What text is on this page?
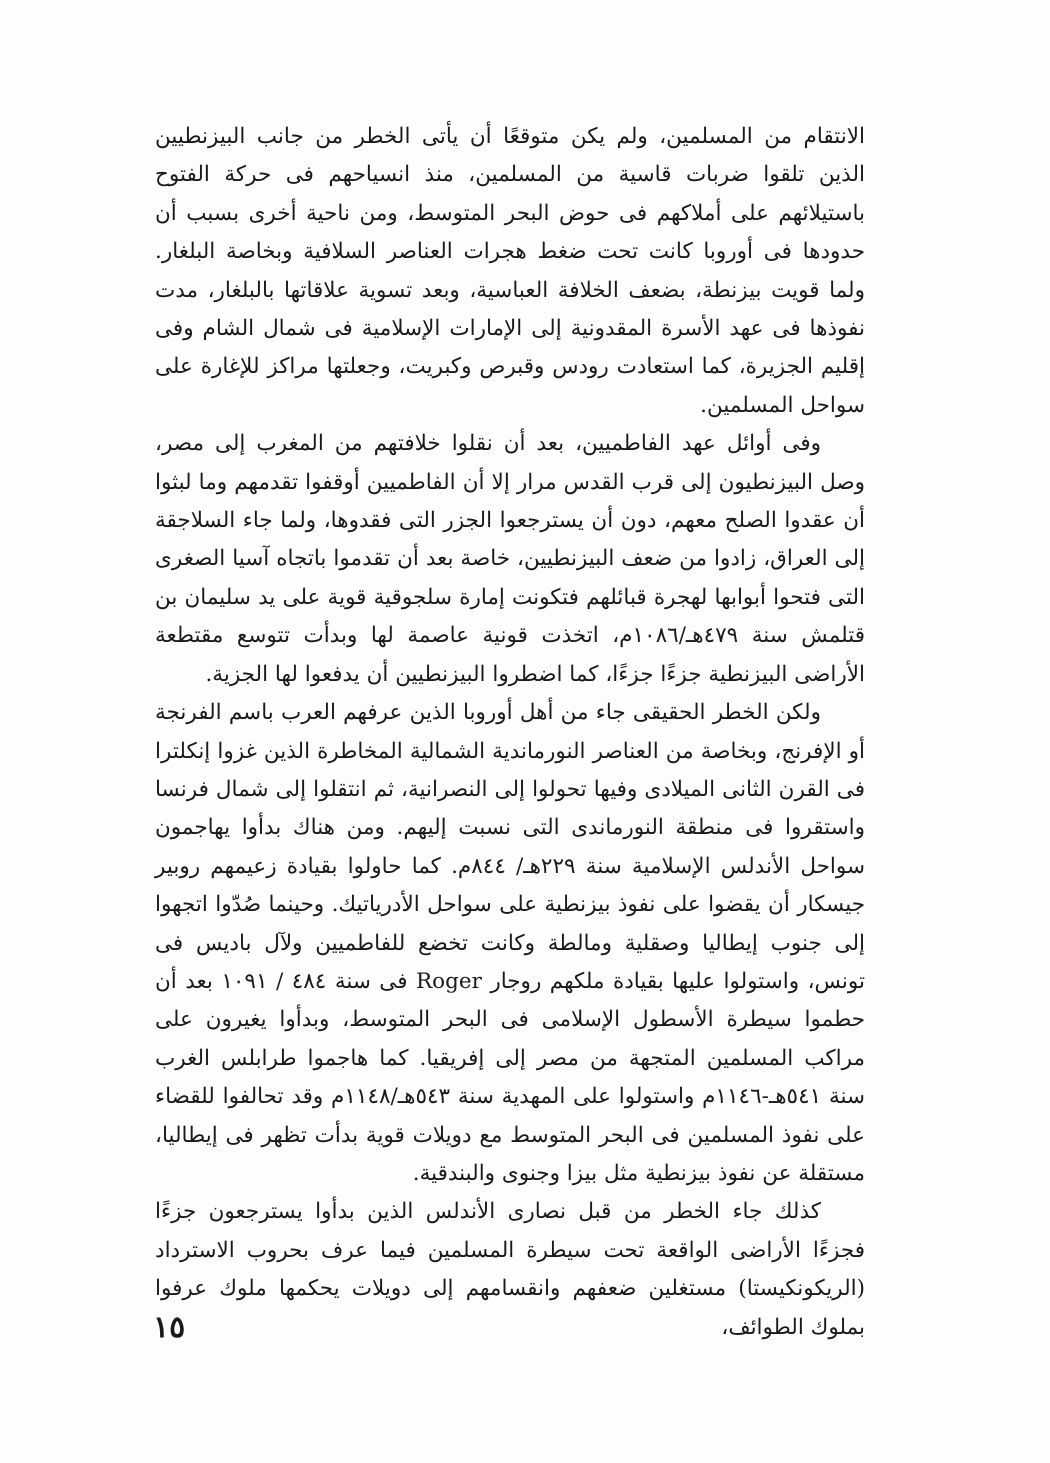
الانتقام من المسلمين، ولم يكن متوقعًا أن يأتى الخطر من جانب البيزنطيين الذين تلقوا ضربات قاسية من المسلمين، منذ انسياحهم فى حركة الفتوح باستيلائهم على أملاكهم فى حوض البحر المتوسط، ومن ناحية أخرى بسبب أن حدودها فى أوروبا كانت تحت ضغط هجرات العناصر السلافية وبخاصة البلغار. ولما قويت بيزنطة، بضعف الخلافة العباسية، وبعد تسوية علاقاتها بالبلغار، مدت نفوذها فى عهد الأسرة المقدونية إلى الإمارات الإسلامية فى شمال الشام وفى إقليم الجزيرة، كما استعادت رودس وقبرص وكبريت، وجعلتها مراكز للإغارة على سواحل المسلمين.

وفى أوائل عهد الفاطميين، بعد أن نقلوا خلافتهم من المغرب إلى مصر، وصل البيزنطيون إلى قرب القدس مرار إلا أن الفاطميين أوقفوا تقدمهم وما لبثوا أن عقدوا الصلح معهم، دون أن يسترجعوا الجزر التى فقدوها، ولما جاء السلاجقة إلى العراق، زادوا من ضعف البيزنطيين، خاصة بعد أن تقدموا باتجاه آسيا الصغرى التى فتحوا أبوابها لهجرة قبائلهم فتكونت إمارة سلجوقية قوية على يد سليمان بن قتلمش سنة ٤٧٩هـ/١٠٨٦م، اتخذت قونية عاصمة لها وبدأت تتوسع مقتطعة الأراضى البيزنطية جزءًا جزءًا، كما اضطروا البيزنطيين أن يدفعوا لها الجزية.

ولكن الخطر الحقيقى جاء من أهل أوروبا الذين عرفهم العرب باسم الفرنجة أو الإفرنج، وبخاصة من العناصر النورماندية الشمالية المخاطرة الذين غزوا إنكلترا فى القرن الثانى الميلادى وفيها تحولوا إلى النصرانية، ثم انتقلوا إلى شمال فرنسا واستقروا فى منطقة النورماندى التى نسبت إليهم. ومن هناك بدأوا يهاجمون سواحل الأندلس الإسلامية سنة ٢٢٩هـ/ ٨٤٤م. كما حاولوا بقيادة زعيمهم روبير جيسكار أن يقضوا على نفوذ بيزنطية على سواحل الأدرياتيك. وحينما صُدّوا اتجهوا إلى جنوب إيطاليا وصقلية ومالطة وكانت تخضع للفاطميين ولآل باديس فى تونس، واستولوا عليها بقيادة ملكهم روجار Roger فى سنة ٤٨٤ / ١٠٩١ بعد أن حطموا سيطرة الأسطول الإسلامى فى البحر المتوسط، وبدأوا يغيرون على مراكب المسلمين المتجهة من مصر إلى إفريقيا. كما هاجموا طرابلس الغرب سنة ٥٤١هـ-١١٤٦م واستولوا على المهدية سنة ٥٤٣هـ/١١٤٨م وقد تحالفوا للقضاء على نفوذ المسلمين فى البحر المتوسط مع دويلات قوية بدأت تظهر فى إيطاليا، مستقلة عن نفوذ بيزنطية مثل بيزا وجنوى والبندقية.

كذلك جاء الخطر من قبل نصارى الأندلس الذين بدأوا يسترجعون جزءًا فجزءًا الأراضى الواقعة تحت سيطرة المسلمين فيما عرف بحروب الاسترداد (الريكونكيستا) مستغلين ضعفهم وانقسامهم إلى دويلات يحكمها ملوك عرفوا بملوك الطوائف،

١٥
